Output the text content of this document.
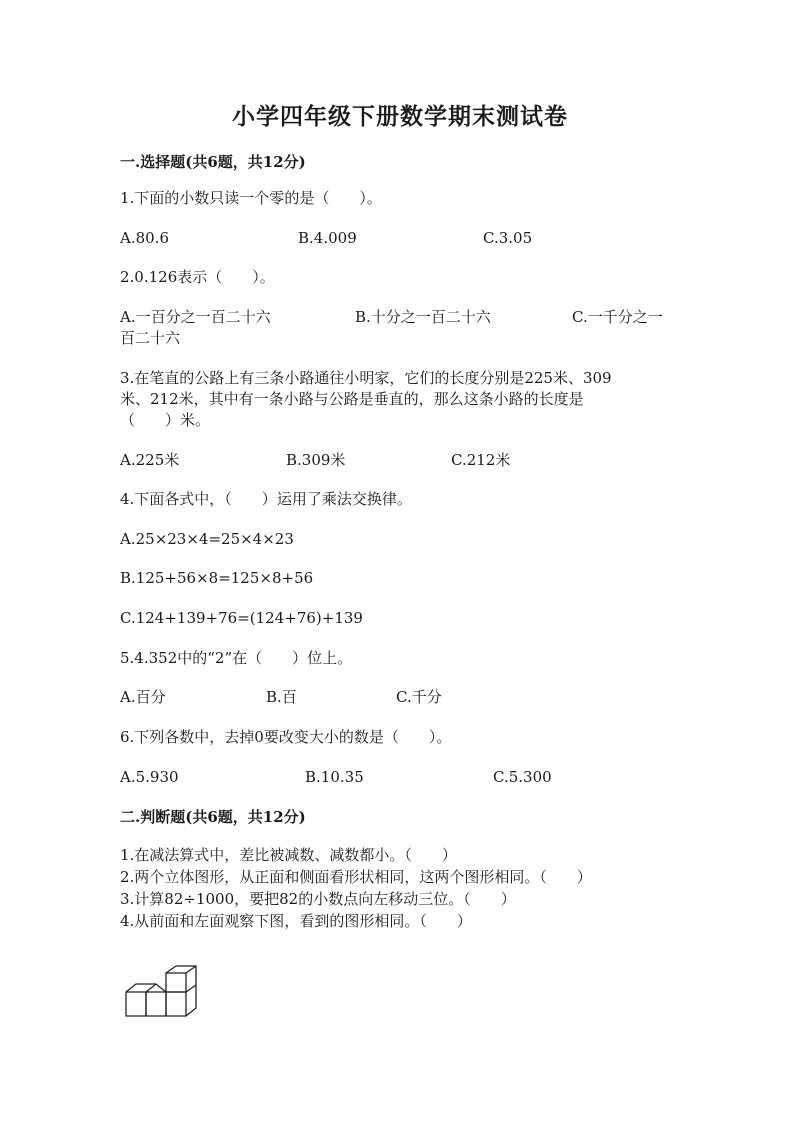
小学四年级下册数学期末测试卷
一.选择题(共6题，共12分)
1.下面的小数只读一个零的是（　　）。
A.80.6	B.4.009	C.3.05
2.0.126表示（　　）。
A.一百分之一百二十六	B.十分之一百二十六	C.一千分之一
百二十六
3.在笔直的公路上有三条小路通往小明家，它们的长度分别是225米、309
米、212米，其中有一条小路与公路是垂直的，那么这条小路的长度是
（　　）米。
A.225米	B.309米	C.212米
4.下面各式中，（　　）运用了乘法交换律。
A.25×23×4=25×4×23
B.125+56×8=125×8+56
C.124+139+76=(124+76)+139
5.4.352中的“2”在（　　）位上。
A.百分	B.百	C.千分
6.下列各数中，去掉0要改变大小的数是（　　）。
A.5.930	B.10.35	C.5.300
二.判断题(共6题，共12分)
1.在减法算式中，差比被减数、减数都小。（　　）
2.两个立体图形，从正面和侧面看形状相同，这两个图形相同。（　　）
3.计算82÷1000，要把82的小数点向左移动三位。（　　）
4.从前面和左面观察下图，看到的图形相同。（　　）
